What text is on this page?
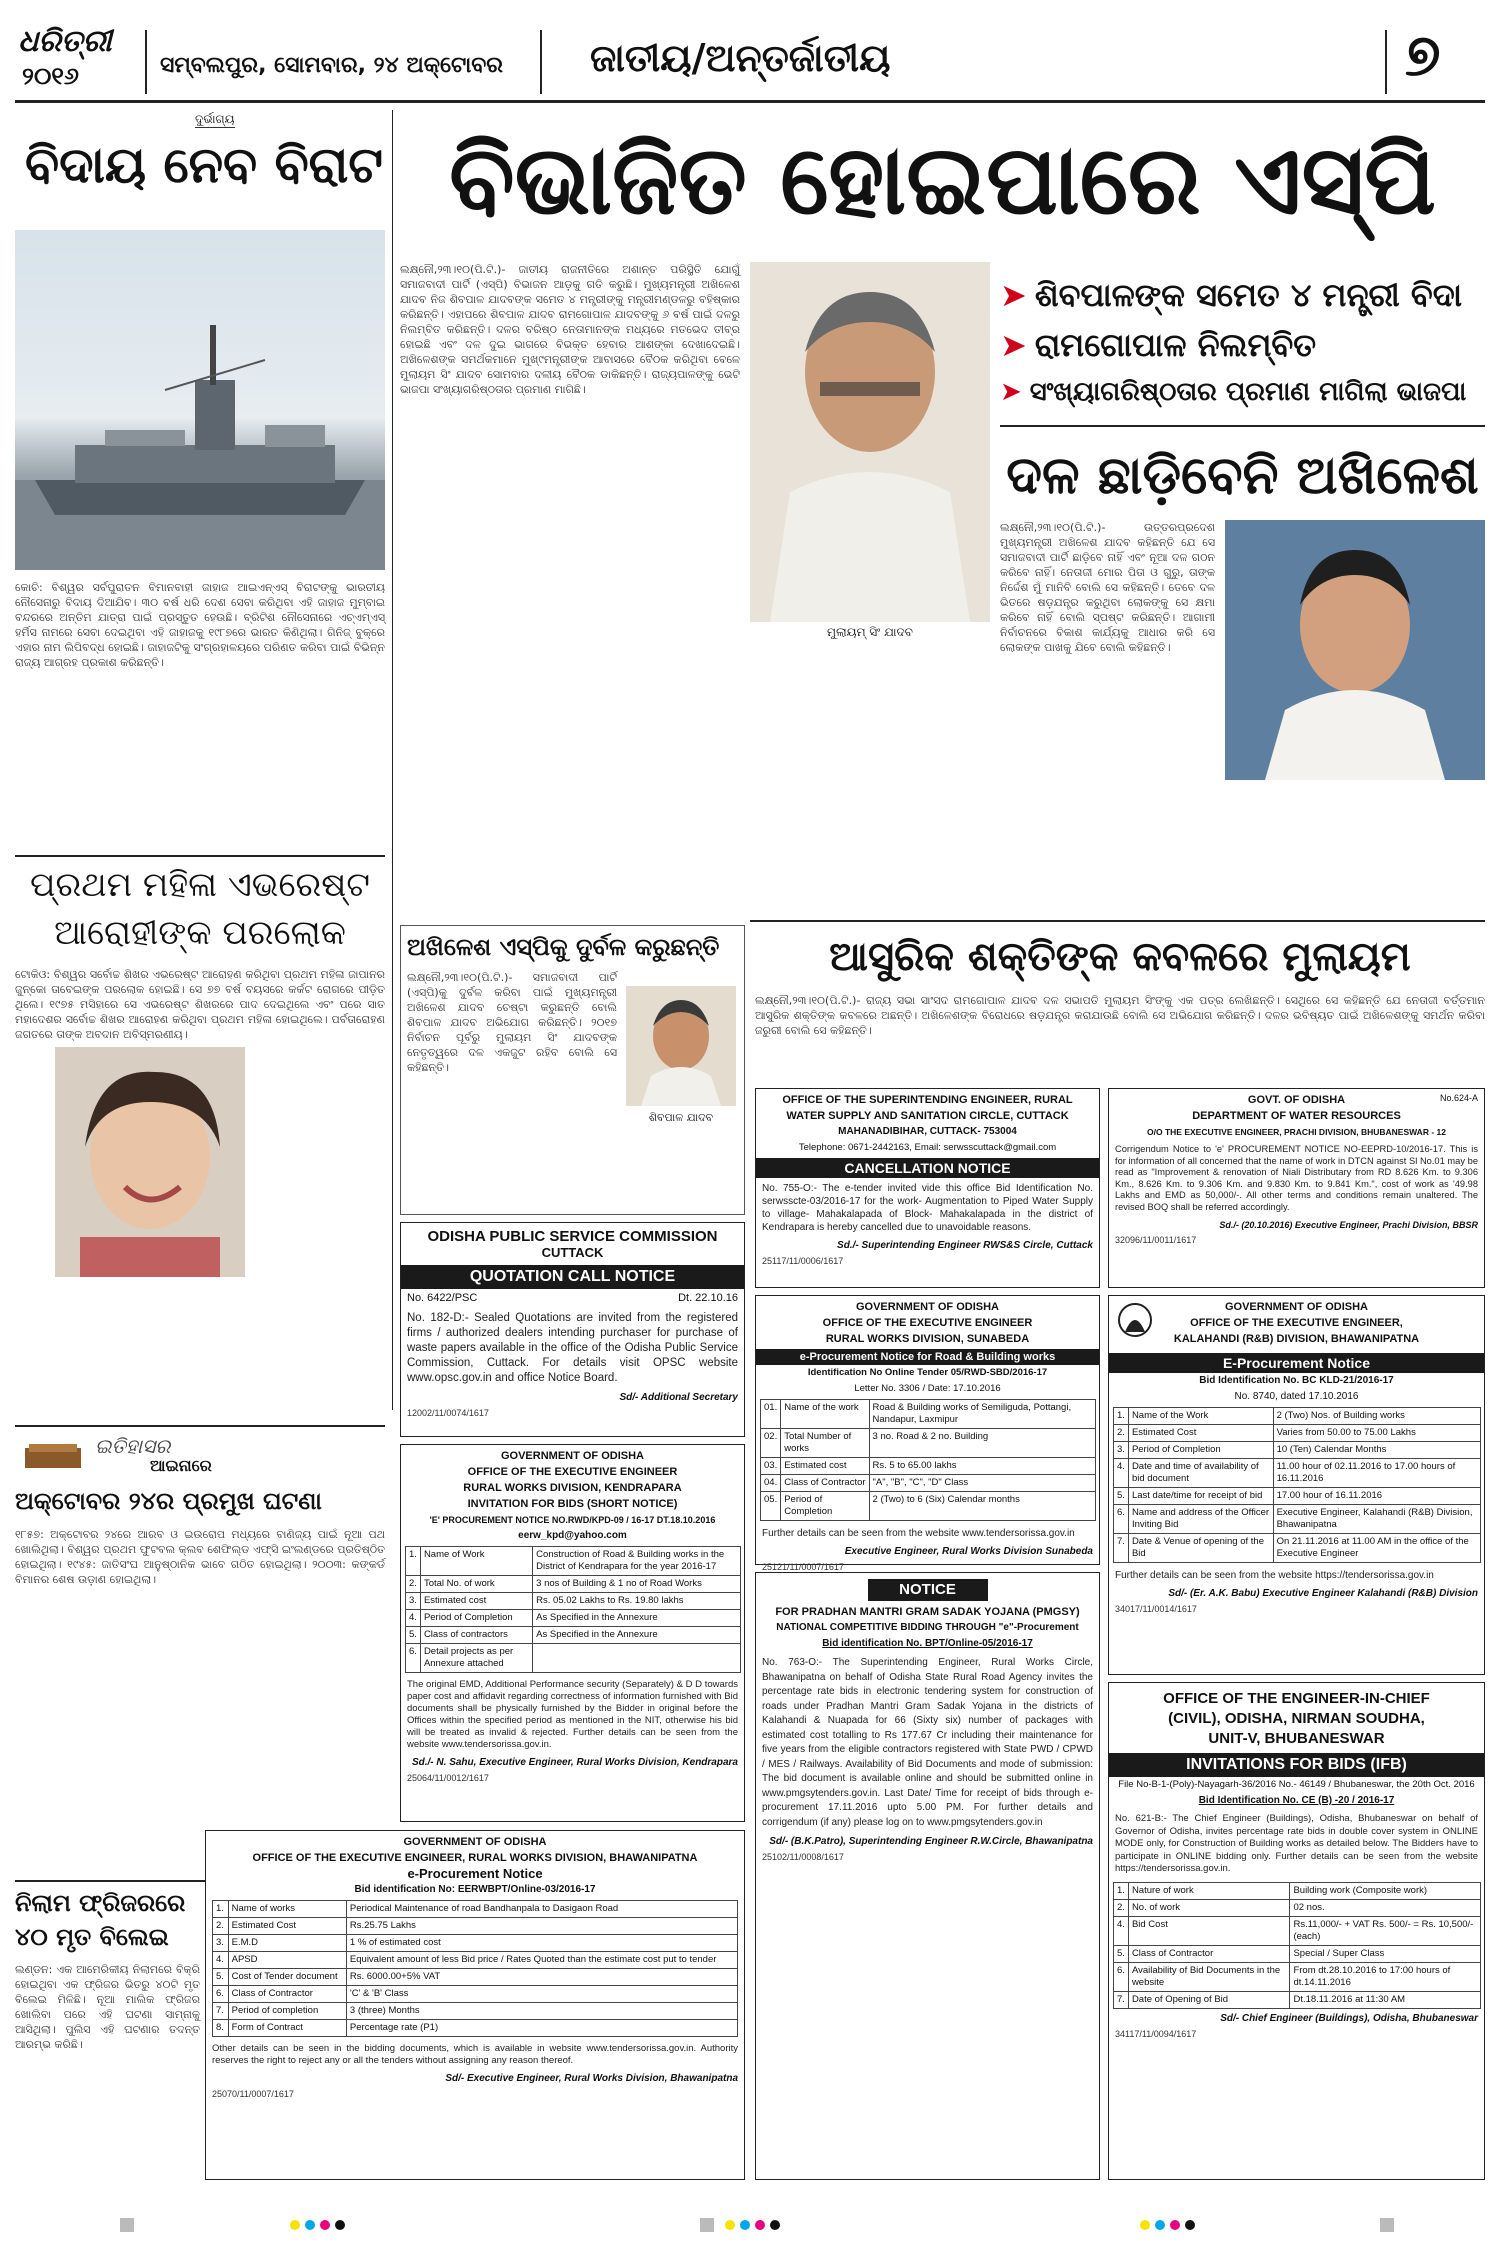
ଧରିତ୍ରୀ
୨୦୧୬	ସମ୍ବଲପୁର, ସୋମବାର, ୨୪ ଅକ୍ଟୋବର	ଜାତୀୟ/ଅନ୍ତର୍ଜାତୀୟ	୭
ଦୁର୍ଭାଗ୍ୟ
ବିଦାୟ ନେବ ବିରାଟ
କୋଚି: ବିଶ୍ୱର ସର୍ବପୁରାତନ ବିମାନବାହୀ ଜାହାଜ ଆଇଏନ୍‌ଏସ୍ ବିରାଟଙ୍କୁ ଭାରତୀୟ ନୌସେନାରୁ ବିଦାୟ ଦିଆଯିବ। ୩୦ ବର୍ଷ ଧରି ଦେଶ ସେବା କରିଥିବା ଏହି ଜାହାଜ ମୁମ୍ବାଇ ବନ୍ଦରରେ ଅନ୍ତିମ ଯାତ୍ରା ପାଇଁ ପ୍ରସ୍ତୁତ ହେଉଛି। ବ୍ରିଟିଶ ନୌସେନାରେ ଏଚ୍‌ଏମ୍‌ଏସ୍ ହର୍ମିସ ନାମରେ ସେବା ଦେଇଥିବା ଏହି ଜାହାଜକୁ ୧୯୮୭ରେ ଭାରତ କିଣିଥିଲା। ଗିନିଜ୍ ବୁକ୍‌ରେ ଏହାର ନାମ ଲିପିବଦ୍ଧ ହୋଇଛି। ଜାହାଜଟିକୁ ସଂଗ୍ରହାଳୟରେ ପରିଣତ କରିବା ପାଇଁ ବିଭିନ୍ନ ରାଜ୍ୟ ଆଗ୍ରହ ପ୍ରକାଶ କରିଛନ୍ତି।
ପ୍ରଥମ ମହିଳା ଏଭରେଷ୍ଟ
ଆରୋହୀଙ୍କ ପରଲୋକ
ଟୋକିଓ: ବିଶ୍ୱର ସର୍ବୋଚ୍ଚ ଶିଖର ଏଭରେଷ୍ଟ ଆରୋହଣ କରିଥିବା ପ୍ରଥମ ମହିଳା ଜାପାନର ଜୁନ୍କୋ ତାବେଇଙ୍କ ପରଲୋକ ହୋଇଛି। ସେ ୭୭ ବର୍ଷ ବୟସରେ କର୍କଟ ରୋଗରେ ପୀଡ଼ିତ ଥିଲେ। ୧୯୭୫ ମସିହାରେ ସେ ଏଭରେଷ୍ଟ ଶିଖରରେ ପାଦ ଦେଇଥିଲେ ଏବଂ ପରେ ସାତ ମହାଦେଶର ସର୍ବୋଚ୍ଚ ଶିଖର ଆରୋହଣ କରିଥିବା ପ୍ରଥମ ମହିଳା ହୋଇଥିଲେ। ପର୍ବତାରୋହଣ ଜଗତରେ ତାଙ୍କ ଅବଦାନ ଅବିସ୍ମରଣୀୟ।
ଇତିହାସର
ଆଇନାରେ
ଅକ୍ଟୋବର ୨୪ର ପ୍ରମୁଖ ଘଟଣା
୧୮୫୭: ଅକ୍ଟୋବର ୨୪ରେ ଆରବ ଓ ଇଉରୋପ ମଧ୍ୟରେ ବାଣିଜ୍ୟ ପାଇଁ ନୂଆ ପଥ ଖୋଲିଥିଲା। ବିଶ୍ୱର ପ୍ରଥମ ଫୁଟବଲ କ୍ଲବ ଶେଫିଲ୍ଡ ଏଫ୍‌ସି ଇଂଲଣ୍ଡରେ ପ୍ରତିଷ୍ଠିତ ହୋଇଥିଲା। ୧୯୪୫: ଜାତିସଂଘ ଆନୁଷ୍ଠାନିକ ଭାବେ ଗଠିତ ହୋଇଥିଲା। ୨୦୦୩: କଙ୍କର୍ଡ ବିମାନର ଶେଷ ଉଡ଼ାଣ ହୋଇଥିଲା।
ନିଲାମ ଫ୍ରିଜରରେ
୪୦ ମୃତ ବିଲେଇ
ଲଣ୍ଡନ: ଏକ ଆମେରିକୀୟ ନିଲାମରେ ବିକ୍ରି ହୋଇଥିବା ଏକ ଫ୍ରିଜର ଭିତରୁ ୪୦ଟି ମୃତ ବିଲେଇ ମିଳିଛି। ନୂଆ ମାଲିକ ଫ୍ରିଜର ଖୋଲିବା ପରେ ଏହି ଘଟଣା ସାମ୍ନାକୁ ଆସିଥିଲା। ପୁଲିସ ଏହି ଘଟଣାର ତଦନ୍ତ ଆରମ୍ଭ କରିଛି।
ବିଭାଜିତ ହୋଇପାରେ ଏସ୍‌ପି
ଲକ୍ଷ୍ନୌ,୨୩।୧୦(ପି.ଟି.)- ଜାତୀୟ ରାଜନୀତିରେ ଅଶାନ୍ତ ପରିସ୍ଥିତି ଯୋଗୁଁ ସମାଜବାଦୀ ପାର୍ଟି (ଏସ୍‌ପି) ବିଭାଜନ ଆଡ଼କୁ ଗତି କରୁଛି। ମୁଖ୍ୟମନ୍ତ୍ରୀ ଅଖିଳେଶ ଯାଦବ ନିଜ ଶିବପାଳ ଯାଦବଙ୍କ ସମେତ ୪ ମନ୍ତ୍ରୀଙ୍କୁ ମନ୍ତ୍ରୀମଣ୍ଡଳରୁ ବହିଷ୍କାର କରିଛନ୍ତି। ଏହାପରେ ଶିବପାଳ ଯାଦବ ରାମଗୋପାଳ ଯାଦବଙ୍କୁ ୬ ବର୍ଷ ପାଇଁ ଦଳରୁ ନିଲମ୍ବିତ କରିଛନ୍ତି। ଦଳର ବରିଷ୍ଠ ନେତାମାନଙ୍କ ମଧ୍ୟରେ ମତଭେଦ ତୀବ୍ର ହୋଇଛି ଏବଂ ଦଳ ଦୁଇ ଭାଗରେ ବିଭକ୍ତ ହେବାର ଆଶଙ୍କା ଦେଖାଦେଇଛି। ଅଖିଳେଶଙ୍କ ସମର୍ଥକମାନେ ମୁଖ୍୯ମନ୍ତ୍ରୀଙ୍କ ଆବାସରେ ବୈଠକ କରିଥିବା ବେଳେ ମୁଲାୟମ ସିଂ ଯାଦବ ସୋମବାର ଦଳୀୟ ବୈଠକ ଡାକିଛନ୍ତି। ରାଜ୍ୟପାଳଙ୍କୁ ଭେଟି ଭାଜପା ସଂଖ୍ୟାଗରିଷ୍ଠତାର ପ୍ରମାଣ ମାଗିଛି।
ମୁଲାୟମ୍ ସିଂ ଯାଦବ
➤ ଶିବପାଳଙ୍କ ସମେତ ୪ ମନ୍ତ୍ରୀ ବିଦା
➤ ରାମଗୋପାଳ ନିଲମ୍ବିତ
➤ ସଂଖ୍ୟାଗରିଷ୍ଠତାର ପ୍ରମାଣ ମାଗିଲା ଭାଜପା
ଦଳ ଛାଡ଼ିବେନି ଅଖିଳେଶ
ଲକ୍ଷ୍ନୌ,୨୩।୧୦(ପି.ଟି.)- ଉତ୍ତରପ୍ରଦେଶ ମୁଖ୍ୟମନ୍ତ୍ରୀ ଅଖିଳେଶ ଯାଦବ କହିଛନ୍ତି ଯେ ସେ ସମାଜବାଦୀ ପାର୍ଟି ଛାଡ଼ିବେ ନାହିଁ ଏବଂ ନୂଆ ଦଳ ଗଠନ କରିବେ ନାହିଁ। ନେତାଜୀ ମୋର ପିତା ଓ ଗୁରୁ, ତାଙ୍କ ନିର୍ଦ୍ଦେଶ ମୁଁ ମାନିବି ବୋଲି ସେ କହିଛନ୍ତି। ତେବେ ଦଳ ଭିତରେ ଷଡ଼ଯନ୍ତ୍ର କରୁଥିବା ଲୋକଙ୍କୁ ସେ କ୍ଷମା କରିବେ ନାହିଁ ବୋଲି ସ୍ପଷ୍ଟ କରିଛନ୍ତି। ଆଗାମୀ ନିର୍ବାଚନରେ ବିକାଶ କାର୍ଯ୍ୟକୁ ଆଧାର କରି ସେ ଲୋକଙ୍କ ପାଖକୁ ଯିବେ ବୋଲି କହିଛନ୍ତି।
ଆସୁରିକ ଶକ୍ତିଙ୍କ କବଳରେ ମୁଲାୟମ
ଲକ୍ଷ୍ନୌ,୨୩।୧୦(ପି.ଟି.)- ରାଜ୍ୟ ସଭା ସାଂସଦ ରାମଗୋପାଳ ଯାଦବ ଦଳ ସଭାପତି ମୁଲାୟମ ସିଂଙ୍କୁ ଏକ ପତ୍ର ଲେଖିଛନ୍ତି। ସେଥିରେ ସେ କହିଛନ୍ତି ଯେ ନେତାଜୀ ବର୍ତ୍ତମାନ ଆସୁରିକ ଶକ୍ତିଙ୍କ କବଳରେ ଅଛନ୍ତି। ଅଖିଳେଶଙ୍କ ବିରୋଧରେ ଷଡ଼ଯନ୍ତ୍ର କରାଯାଉଛି ବୋଲି ସେ ଅଭିଯୋଗ କରିଛନ୍ତି। ଦଳର ଭବିଷ୍ୟତ ପାଇଁ ଅଖିଳେଶଙ୍କୁ ସମର୍ଥନ କରିବା ଜରୁରୀ ବୋଲି ସେ କହିଛନ୍ତି।
ଅଖିଳେଶ ଏସ୍‌ପିକୁ ଦୁର୍ବଳ କରୁଛନ୍ତି
ଲକ୍ଷ୍ନୌ,୨୩।୧୦(ପି.ଟି.)- ସମାଜବାଦୀ ପାର୍ଟି (ଏସ୍‌ପି)କୁ ଦୁର୍ବଳ କରିବା ପାଇଁ ମୁଖ୍ୟମନ୍ତ୍ରୀ ଅଖିଳେଶ ଯାଦବ ଚେଷ୍ଟା କରୁଛନ୍ତି ବୋଲି ଶିବପାଳ ଯାଦବ ଅଭିଯୋଗ କରିଛନ୍ତି। ୨୦୧୭ ନିର୍ବାଚନ ପୂର୍ବରୁ ମୁଲାୟମ ସିଂ ଯାଦବଙ୍କ ନେତୃତ୍ୱରେ ଦଳ ଏକଜୁଟ ରହିବ ବୋଲି ସେ କହିଛନ୍ତି।
ଶିବପାଳ ଯାଦବ
ODISHA PUBLIC SERVICE COMMISSION
CUTTACK
QUOTATION CALL NOTICE
No. 6422/PSC	Dt. 22.10.16
No. 182-D:- Sealed Quotations are invited from the registered firms / authorized dealers intending purchaser for purchase of waste papers available in the office of the Odisha Public Service Commission, Cuttack. For details visit OPSC website www.opsc.gov.in and office Notice Board.
Sd/- Additional Secretary
12002/11/0074/1617
GOVERNMENT OF ODISHA
OFFICE OF THE EXECUTIVE ENGINEER
RURAL WORKS DIVISION, KENDRAPARA
INVITATION FOR BIDS (SHORT NOTICE)
'E' PROCUREMENT NOTICE NO.RWD/KPD-09 / 16-17 DT.18.10.2016
eerw_kpd@yahoo.com
1.	Name of Work	Construction of Road & Building works in the District of Kendrapara for the year 2016-17
2.	Total No. of work	3 nos of Building & 1 no of Road Works
3.	Estimated cost	Rs. 05.02 Lakhs to Rs. 19.80 lakhs
4.	Period of Completion	As Specified in the Annexure
5.	Class of contractors	As Specified in the Annexure
6.	Detail projects as per Annexure attached	
The original EMD, Additional Performance security (Separately) & D D towards paper cost and affidavit regarding correctness of information furnished with Bid documents shall be physically furnished by the Bidder in original before the Offices within the specified period as mentioned in the NIT, otherwise his bid will be treated as invalid & rejected. Further details can be seen from the website www.tendersorissa.gov.in.
Sd./- N. Sahu, Executive Engineer, Rural Works Division, Kendrapara
25064/11/0012/1617
GOVERNMENT OF ODISHA
OFFICE OF THE EXECUTIVE ENGINEER, RURAL WORKS DIVISION, BHAWANIPATNA
e-Procurement Notice
Bid identification No: EERWBPT/Online-03/2016-17
1.	Name of works	Periodical Maintenance of road Bandhanpala to Dasigaon Road
2.	Estimated Cost	Rs.25.75 Lakhs
3.	E.M.D	1 % of estimated cost
4.	APSD	Equivalent amount of less Bid price / Rates Quoted than the estimate cost put to tender
5.	Cost of Tender document	Rs. 6000.00+5% VAT
6.	Class of Contractor	'C' & 'B' Class
7.	Period of completion	3 (three) Months
8.	Form of Contract	Percentage rate (P1)
Other details can be seen in the bidding documents, which is available in website www.tendersorissa.gov.in. Authority reserves the right to reject any or all the tenders without assigning any reason thereof.
Sd/- Executive Engineer, Rural Works Division, Bhawanipatna
25070/11/0007/1617
OFFICE OF THE SUPERINTENDING ENGINEER, RURAL
WATER SUPPLY AND SANITATION CIRCLE, CUTTACK
MAHANADIBIHAR, CUTTACK- 753004
Telephone: 0671-2442163, Email: serwsscuttack@gmail.com
CANCELLATION NOTICE
No. 755-O:- The e-tender invited vide this office Bid Identification No. serwsscte-03/2016-17 for the work- Augmentation to Piped Water Supply to village- Mahakalapada of Block- Mahakalapada in the district of Kendrapara is hereby cancelled due to unavoidable reasons.
Sd./- Superintending Engineer RWS&S Circle, Cuttack
25117/11/0006/1617
No.624-A
GOVT. OF ODISHA
DEPARTMENT OF WATER RESOURCES
O/O THE EXECUTIVE ENGINEER, PRACHI DIVISION, BHUBANESWAR - 12
Corrigendum Notice to 'e' PROCUREMENT NOTICE NO-EEPRD-10/2016-17. This is for information of all concerned that the name of work in DTCN against Sl No.01 may be read as "Improvement & renovation of Niali Distributary from RD 8.626 Km. to 9.306 Km., 8.626 Km. to 9.306 Km. and 9.830 Km. to 9.841 Km.", cost of work as '49.98 Lakhs and EMD as 50,000/-. All other terms and conditions remain unaltered. The revised BOQ shall be referred accordingly.
Sd./- (20.10.2016) Executive Engineer, Prachi Division, BBSR
32096/11/0011/1617
GOVERNMENT OF ODISHA
OFFICE OF THE EXECUTIVE ENGINEER
RURAL WORKS DIVISION, SUNABEDA
e-Procurement Notice for Road & Building works
Identification No Online Tender 05/RWD-SBD/2016-17
Letter No. 3306 / Date: 17.10.2016
01.	Name of the work	Road & Building works of Semiliguda, Pottangi, Nandapur, Laxmipur
02.	Total Number of works	3 no. Road & 2 no. Building
03.	Estimated cost	Rs. 5 to 65.00 lakhs
04.	Class of Contractor	"A", "B", "C", "D" Class
05.	Period of Completion	2 (Two) to 6 (Six) Calendar months
Further details can be seen from the website www.tendersorissa.gov.in
Executive Engineer, Rural Works Division Sunabeda
25121/11/0007/1617
GOVERNMENT OF ODISHA
OFFICE OF THE EXECUTIVE ENGINEER,
KALAHANDI (R&B) DIVISION, BHAWANIPATNA
E-Procurement Notice
Bid Identification No. BC KLD-21/2016-17
No. 8740, dated 17.10.2016
1.	Name of the Work	2 (Two) Nos. of Building works
2.	Estimated Cost	Varies from 50.00 to 75.00 Lakhs
3.	Period of Completion	10 (Ten) Calendar Months
4.	Date and time of availability of bid document	11.00 hour of 02.11.2016 to 17.00 hours of 16.11.2016
5.	Last date/time for receipt of bid	17.00 hour of 16.11.2016
6.	Name and address of the Officer Inviting Bid	Executive Engineer, Kalahandi (R&B) Division, Bhawanipatna
7.	Date & Venue of opening of the Bid	On 21.11.2016 at 11.00 AM in the office of the Executive Engineer
Further details can be seen from the website https://tendersorissa.gov.in
Sd/- (Er. A.K. Babu) Executive Engineer Kalahandi (R&B) Division
34017/11/0014/1617
NOTICE
FOR PRADHAN MANTRI GRAM SADAK YOJANA (PMGSY)
NATIONAL COMPETITIVE BIDDING THROUGH "e"-Procurement
Bid identification No. BPT/Online-05/2016-17
No. 763-O:- The Superintending Engineer, Rural Works Circle, Bhawanipatna on behalf of Odisha State Rural Road Agency invites the percentage rate bids in electronic tendering system for construction of roads under Pradhan Mantri Gram Sadak Yojana in the districts of Kalahandi & Nuapada for 66 (Sixty six) number of packages with estimated cost totalling to Rs 177.67 Cr including their maintenance for five years from the eligible contractors registered with State PWD / CPWD / MES / Railways. Availability of Bid Documents and mode of submission: The bid document is available online and should be submitted online in www.pmgsytenders.gov.in. Last Date/ Time for receipt of bids through e-procurement 17.11.2016 upto 5.00 PM. For further details and corrigendum (if any) please log on to www.pmgsytenders.gov.in
Sd/- (B.K.Patro), Superintending Engineer R.W.Circle, Bhawanipatna
25102/11/0008/1617
OFFICE OF THE ENGINEER-IN-CHIEF
(CIVIL), ODISHA, NIRMAN SOUDHA,
UNIT-V, BHUBANESWAR
INVITATIONS FOR BIDS (IFB)
File No-B-1-(Poly)-Nayagarh-36/2016 No.- 46149 / Bhubaneswar, the 20th Oct. 2016
Bid Identification No. CE (B) -20 / 2016-17
No. 621-B:- The Chief Engineer (Buildings), Odisha, Bhubaneswar on behalf of Governor of Odisha, invites percentage rate bids in double cover system in ONLINE MODE only, for Construction of Building works as detailed below. The Bidders have to participate in ONLINE bidding only. Further details can be seen from the website https://tendersorissa.gov.in.
1.	Nature of work	Building work (Composite work)
2.	No. of work	02 nos.
4.	Bid Cost	Rs.11,000/- + VAT Rs. 500/- = Rs. 10,500/- (each)
5.	Class of Contractor	Special / Super Class
6.	Availability of Bid Documents in the website	From dt.28.10.2016 to 17:00 hours of dt.14.11.2016
7.	Date of Opening of Bid	Dt.18.11.2016 at 11:30 AM
Sd/- Chief Engineer (Buildings), Odisha, Bhubaneswar
34117/11/0094/1617
